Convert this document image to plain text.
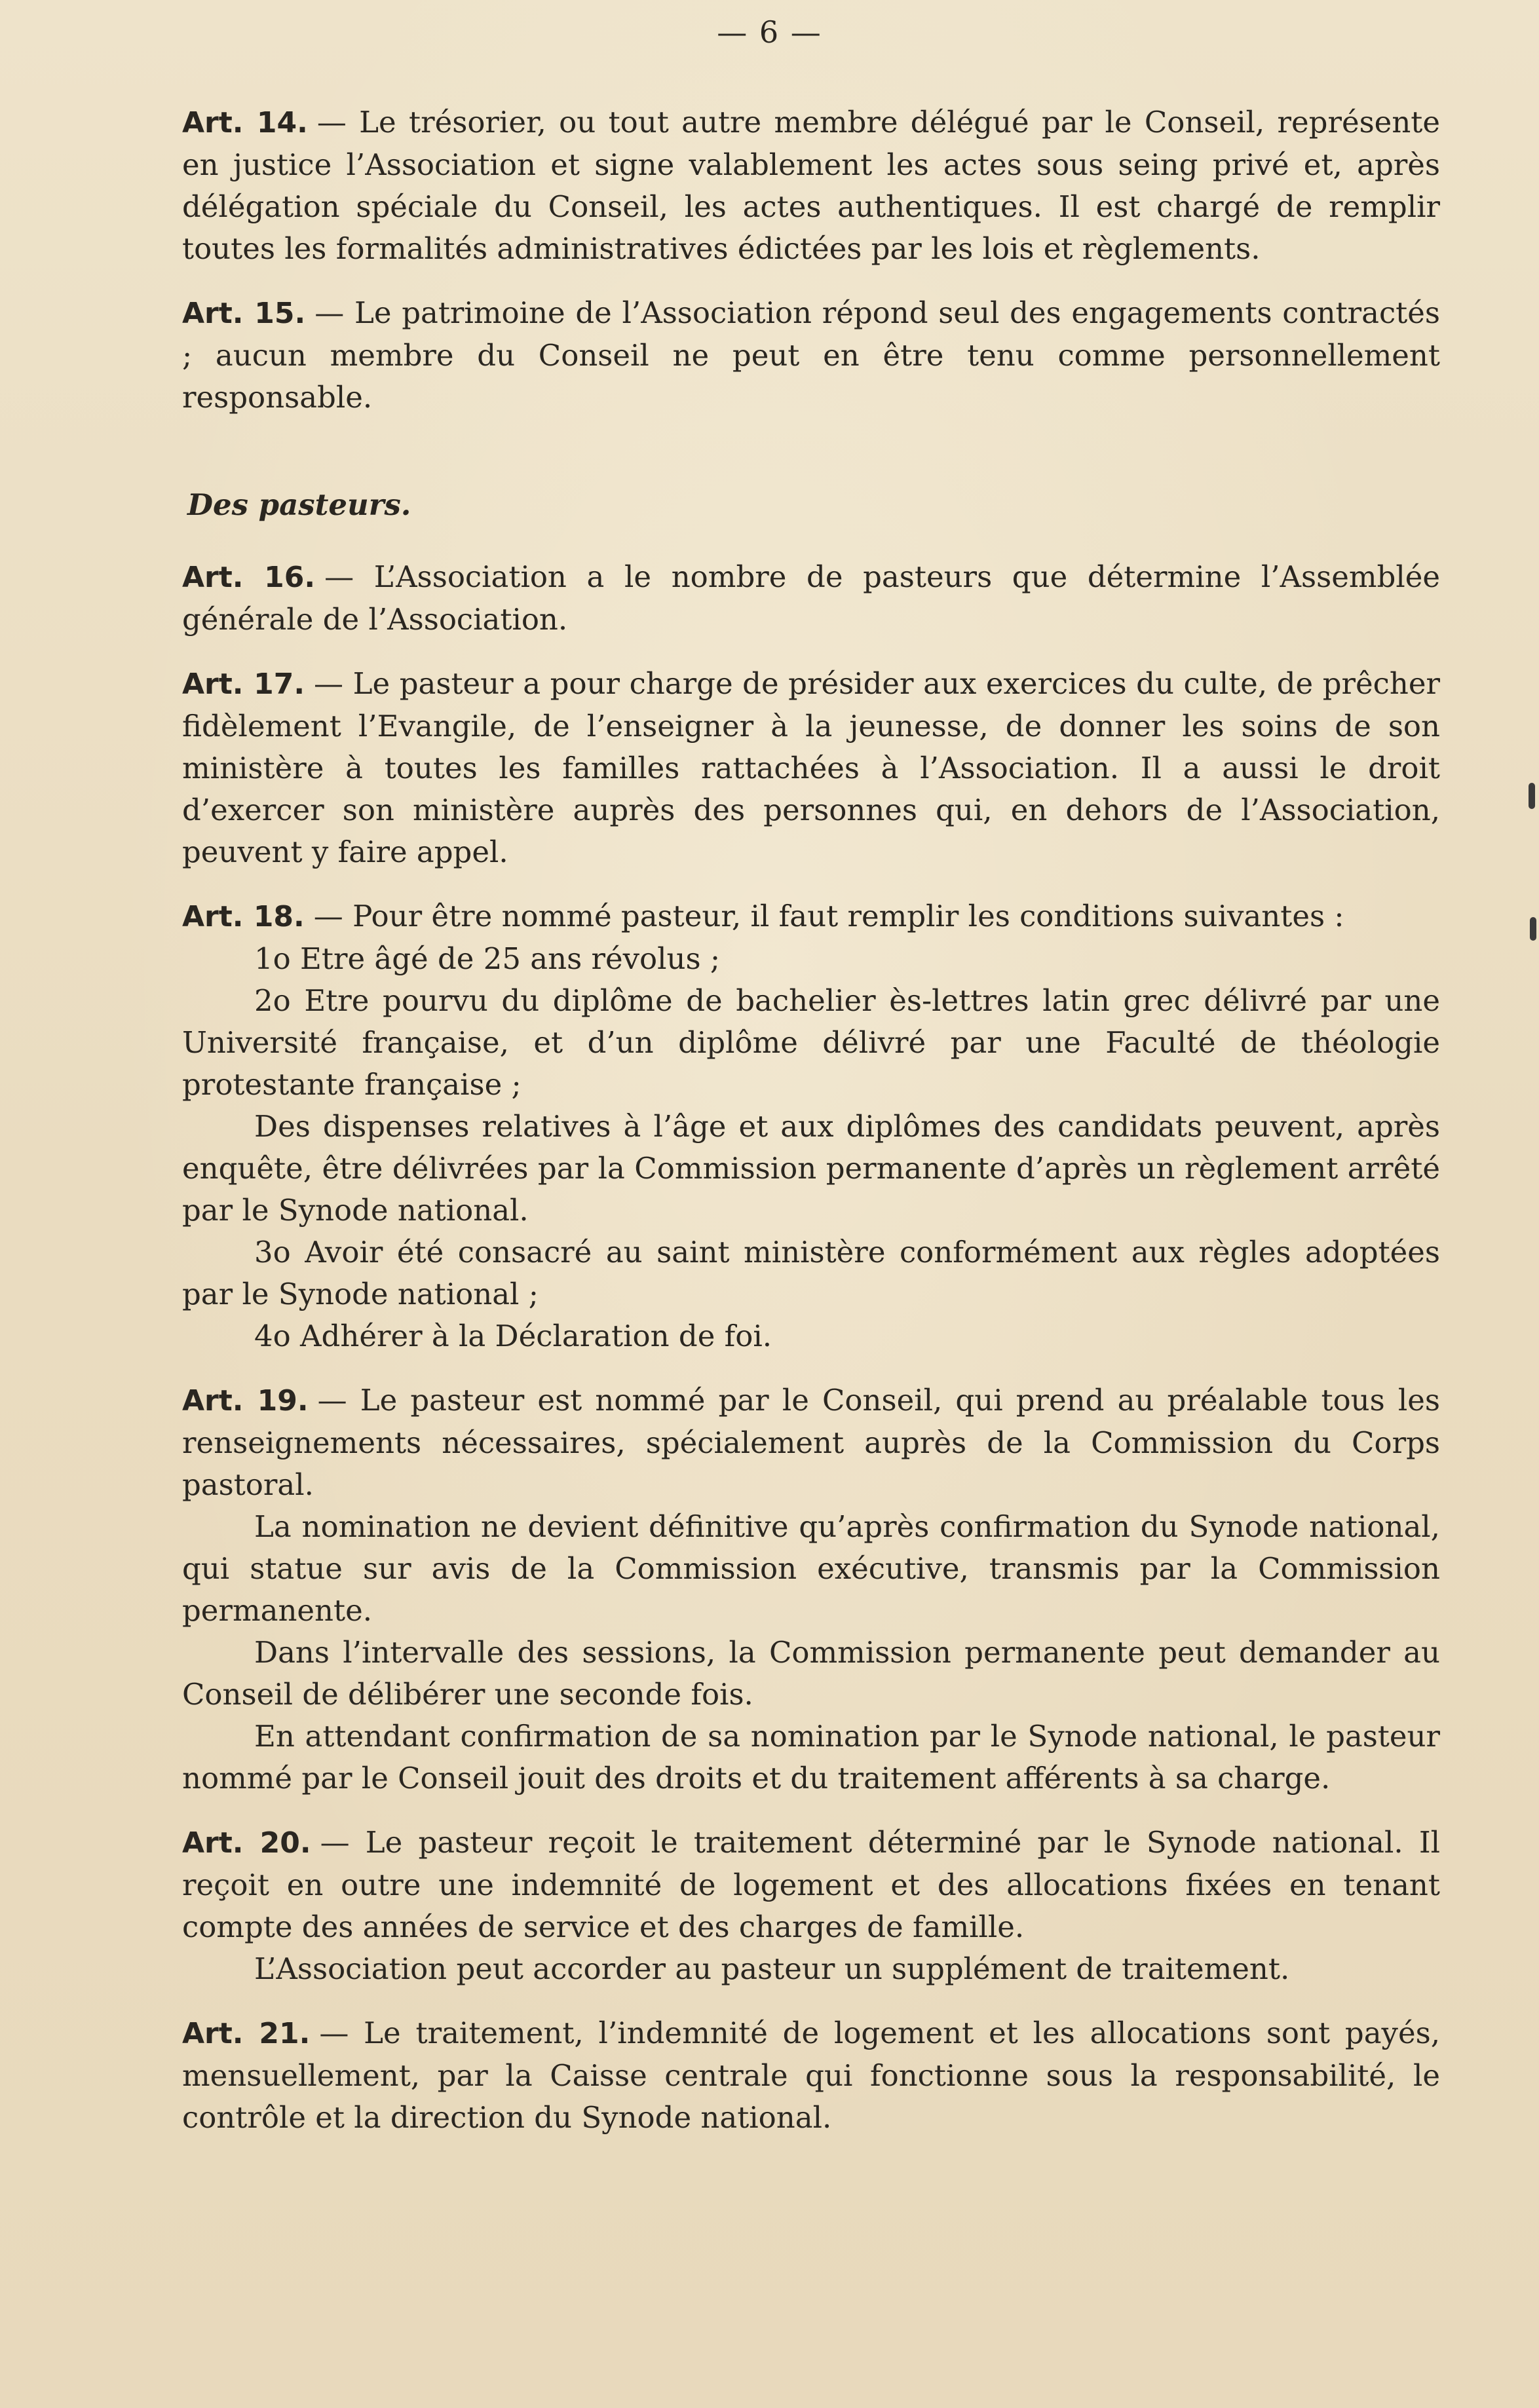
— 6 —

Art. 14. — Le trésorier, ou tout autre membre délégué par le Conseil, représente en justice l’Association et signe valablement les actes sous seing privé et, après délégation spéciale du Conseil, les actes authentiques. Il est chargé de remplir toutes les formalités administratives édictées par les lois et règlements.

Art. 15. — Le patrimoine de l’Association répond seul des engagements contractés ; aucun membre du Conseil ne peut en être tenu comme personnellement responsable.

Des pasteurs.

Art. 16. — L’Association a le nombre de pasteurs que détermine l’Assemblée générale de l’Association.

Art. 17. — Le pasteur a pour charge de présider aux exercices du culte, de prêcher fidèlement l’Evangile, de l’enseigner à la jeunesse, de donner les soins de son ministère à toutes les familles rattachées à l’Association. Il a aussi le droit d’exercer son ministère auprès des personnes qui, en dehors de l’Association, peuvent y faire appel.

Art. 18. — Pour être nommé pasteur, il faut remplir les conditions suivantes :

1o Etre âgé de 25 ans révolus ;

2o Etre pourvu du diplôme de bachelier ès-lettres latin grec délivré par une Université française, et d’un diplôme délivré par une Faculté de théologie protestante française ;

Des dispenses relatives à l’âge et aux diplômes des candidats peuvent, après enquête, être délivrées par la Commission permanente d’après un règlement arrêté par le Synode national.

3o Avoir été consacré au saint ministère conformément aux règles adoptées par le Synode national ;

4o Adhérer à la Déclaration de foi.

Art. 19. — Le pasteur est nommé par le Conseil, qui prend au préalable tous les renseignements nécessaires, spécialement auprès de la Commission du Corps pastoral.

La nomination ne devient définitive qu’après confirmation du Synode national, qui statue sur avis de la Commission exécutive, transmis par la Commission permanente.

Dans l’intervalle des sessions, la Commission permanente peut demander au Conseil de délibérer une seconde fois.

En attendant confirmation de sa nomination par le Synode national, le pasteur nommé par le Conseil jouit des droits et du traitement afférents à sa charge.

Art. 20. — Le pasteur reçoit le traitement déterminé par le Synode national. Il reçoit en outre une indemnité de logement et des allocations fixées en tenant compte des années de service et des charges de famille.

L’Association peut accorder au pasteur un supplément de traitement.

Art. 21. — Le traitement, l’indemnité de logement et les allocations sont payés, mensuellement, par la Caisse centrale qui fonctionne sous la responsabilité, le contrôle et la direction du Synode national.
